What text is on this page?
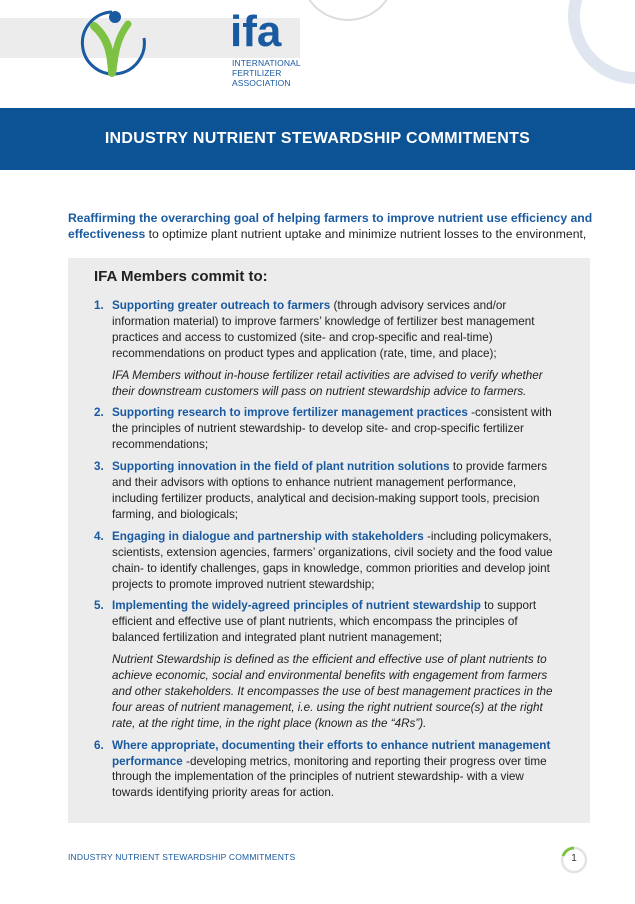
ifa
INTERNATIONAL
FERTILIZER ASSOCIATION
INDUSTRY NUTRIENT STEWARDSHIP COMMITMENTS
Reaffirming the overarching goal of helping farmers to improve nutrient use efficiency and effectiveness to optimize plant nutrient uptake and minimize nutrient losses to the environment,
IFA Members commit to:
1. Supporting greater outreach to farmers (through advisory services and/or information material) to improve farmers’ knowledge of fertilizer best management practices and access to customized (site- and crop-specific and real-time) recommendations on product types and application (rate, time, and place);
IFA Members without in-house fertilizer retail activities are advised to verify whether their downstream customers will pass on nutrient stewardship advice to farmers.
2. Supporting research to improve fertilizer management practices -consistent with the principles of nutrient stewardship- to develop site- and crop-specific fertilizer recommendations;
3. Supporting innovation in the field of plant nutrition solutions to provide farmers and their advisors with options to enhance nutrient management performance, including fertilizer products, analytical and decision-making support tools, precision farming, and biologicals;
4. Engaging in dialogue and partnership with stakeholders -including policymakers, scientists, extension agencies, farmers’ organizations, civil society and the food value chain- to identify challenges, gaps in knowledge, common priorities and develop joint projects to promote improved nutrient stewardship;
5. Implementing the widely-agreed principles of nutrient stewardship to support efficient and effective use of plant nutrients, which encompass the principles of balanced fertilization and integrated plant nutrient management;
Nutrient Stewardship is defined as the efficient and effective use of plant nutrients to achieve economic, social and environmental benefits with engagement from farmers and other stakeholders. It encompasses the use of best management practices in the four areas of nutrient management, i.e. using the right nutrient source(s) at the right rate, at the right time, in the right place (known as the “4Rs”).
6. Where appropriate, documenting their efforts to enhance nutrient management performance -developing metrics, monitoring and reporting their progress over time through the implementation of the principles of nutrient stewardship- with a view towards identifying priority areas for action.
INDUSTRY NUTRIENT STEWARDSHIP COMMITMENTS	1
